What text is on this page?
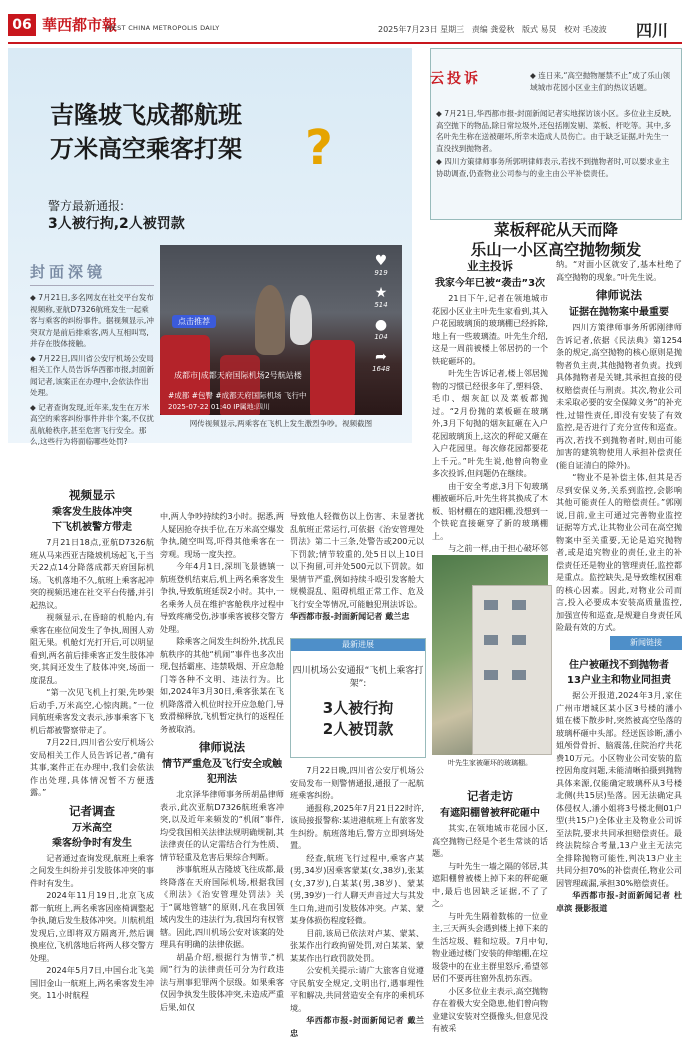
06 華西都市報
WEST CHINA METROPOLIS DAILY	2025年7月23日 星期三 责编 龚爱秋 版式 易炅 校对 毛凌波 四川
吉隆坡飞成都航班
万米高空乘客打架 ?
警方最新通报:
3人被行拘,2人被罚款
封面深镜
◆ 7月21日,多名网友在社交平台发布视频称,亚航D7326航班发生一起乘客与乘客的纠纷事件。据视频显示,冲突双方是前后排乘客,两人互相叫骂,并存在肢体接触。
◆ 7月22日,四川省公安厅机场公安局相关工作人员告诉华西都市报,封面新闻记者,该案正在办理中,会依法作出处理。
◆ 记者查询发现,近年来,发生在万米高空的乘客纠纷事件并非个案,不仅扰乱航舱秩序,甚至危害飞行安全。那么,这些行为将面临哪些处罚?
点击推荐
成都市|成都天府国际机场2号航站楼
#成都 #包臀 #成都天府国际机场 飞行中
2025-07-22 01:40 IP属地:四川
♥
919
★
514
●
104
➦
1648
网传视频显示,两乘客在飞机上发生激烈争吵。视频截图
视频显示
乘客发生肢体冲突
下飞机被警方带走

7月21日18点,亚航D7326航班从马来西亚吉隆坡机场起飞,于当天22点14分降落成都天府国际机场。飞机落地不久,航班上乘客起冲突的视频迅速在社交平台传播,并引起热议。

视频显示,在昏暗的机舱内,有乘客在座位间发生了争执,周围人劝阻无果。机舱灯光打开后,可以明显看到,两名前后排乘客正发生肢体冲突,其间还发生了肢体冲突,场面一度混乱。

“第一次见飞机上打架,先吵架后动手,万米高空,心惊肉跳。”一位同航班乘客发文表示,涉事乘客下飞机后都被警察带走了。

7月22日,四川省公安厅机场公安局相关工作人员告诉记者,“确有其事,案件正在办理中,我们会依法作出处理,具体情况暂不方便透露。”

记者调查
万米高空
乘客纷争时有发生

记者通过查询发现,航班上乘客之间发生纠纷并引发肢体冲突的事件时有发生。

2024年11月19日,北京飞成都一航班上,两名乘客因座椅调整起争执,随后发生肢体冲突。川航机组发现后,立即将双方隔离开,然后调换座位,飞机落地后将两人移交警方处理。

2024年5月7日,中国台北飞美国旧金山一航班上,两名乘客发生冲突。11小时航程

中,两人争吵持续约3小时。据悉,两人疑因抢夺扶手位,在万米高空爆发争执,随空叫骂,吓得其他乘客在一旁观。现场一度失控。

今年4月1日,深圳飞景德镇一航班登机结束后,机上两名乘客发生争执,导致航班延误2小时。其中,一名乘务人员在维护客舱秩序过程中导致疼痛受伤,涉事乘客被移交警方处理。

除乘客之间发生纠纷外,扰乱民航秩序的其他“机闹”事件也多次出现,包括霸座、违禁吸烟、开应急舱门等各种不文明、违法行为。比如,2024年3月30日,乘客张某在飞机降落滑入机位时拉开应急舱门,导致滑梯释放,飞机暂定执行的返程任务被取消。

律师说法
情节严重危及飞行安全或触犯刑法

北京泽华律师事务所胡晶律师表示,此次亚航D7326航班乘客冲突,以及近年来频发的“机闹”事件,均受我国相关法律法规明确规制,其法律责任的认定需结合行为性质、情节轻重及危害后果综合判断。

涉事航班从吉隆坡飞往成都,最终降落在天府国际机场,根据我国《刑法》《治安管理处罚法》关于“属地管辖”的原则,凡在我国领域内发生的违法行为,我国均有权管辖。因此,四川机场公安对该案的处理具有明确的法律依据。

胡晶介绍,根据行为情节,“机闹”行为的法律责任可分为行政违法与刑事犯罪两个层级。如果乘客仅因争执发生肢体冲突,未造成严重后果,如仅

导致他人轻微伤以上伤害、未显著扰乱航班正常运行,可依据《治安管理处罚法》第二十三条,处警告或200元以下罚款;情节较重的,处5日以上10日以下拘留,可并处500元以下罚款。如果情节严重,例如持续斗殴引发客舱大规模混乱、阻碍机组正常工作、危及飞行安全等情况,可能触犯刑法诉讼。

华西都市报-封面新闻记者 戴兰忠

最新进展
四川机场公安通报“飞机上乘客打架”:
3人被行拘
2人被罚款

7月22日晚,四川省公安厅机场公安局发布一则警情通报,通报了一起航班乘客纠纷。

通报称,2025年7月21日22时许,该局接报警称:某进港航班上有旅客发生纠纷。航班落地后,警方立即到场处置。

经查,航班飞行过程中,乘客卢某(男,34岁)因乘客蒙某(女,38岁),张某(女,37岁),白某某(男,38岁)、蒙某(男,39岁)一行人聊天声音过大与其发生口角,进而引发肢体冲突。卢某、蒙某身体损伤程度轻微。

目前,该局已依法对卢某、蒙某、张某作出行政拘留处罚,对白某某、蒙某某作出行政罚款处罚。

公安机关提示:请广大旅客自觉遵守民航安全规定,文明出行,遇事理性平和解决,共同营造安全有序的乘机环境。

华西都市报-封面新闻记者 戴兰忠

云投诉	◆ 连日来,“高空抛物屡禁不止”成了乐山领域城市花园小区业主们的热议话题。
◆ 7月21日,华西都市报-封面新闻记者实地探访该小区。多位业主反映,高空抛下的物品,除日常垃圾外,还包括刚发剔、菜板、杆吃等。其中,多名叶先生称在送被砸坏,所幸未造成人员伤亡。由于缺乏证据,叶先生一直没找到抛物者。
◆ 四川方策律师事务所郭明律师表示,若找不到抛物者时,可以要求业主协助调查,仍查物业公司参与的业主由公平补偿责任。
菜板秤砣从天而降
乐山一小区高空抛物频发
业主投诉
我家今年已被“袭击”3次

21日下午,记者在领地城市花园小区业主叶先生家看到,其入户花园玻璃顶的玻璃棚已经拆除,地上有一些玻璃渣。叶先生介绍,这是一周前被楼上邻居扔的一个铁砣砸坏的。

叶先生告诉记者,楼上邻居抛物的习惯已经很多年了,塑料袋、毛巾、烟灰缸以及菜板都抛过。“2月份抛的菜板砸在玻璃外,3月下旬抛的烟灰缸砸在入户花园玻璃顶上,这次的秤砣又砸在入户花园里。每次修花园都要花上千元。”叶先生说,他曾向物业多次投诉,但问题仍在继续。

由于安全考虑,3月下旬玻璃棚被砸坏后,叶先生将其换成了木板、铝材棚在的遮阳棚,没想到一个铁砣直接砸穿了新的玻璃棚上。

与之前一样,由于担心破坏邻

叶先生家被砸坏的玻璃棚。
记者走访
有遮阳棚曾被秤砣砸中

其实,在领地城市花园小区,高空抛物已经是个老生常谈的话题。

与叶先生一墙之隔的邻居,其遮阳棚曾被楼上掉下来的秤砣砸中,最后也因缺乏证据,不了了之。

与叶先生隔着数栋的一位业主,三天两头会遇到楼上掉下来的生活垃圾、鞋和垃圾。7月中旬,物业通过楼门安装的伸缩棚,在垃圾袋中的在业主群里怒斥,希望邻居们不要再往窗外乱扔东西。

小区多位业主表示,高空抛物存在着极大安全隐患,他们曾向物业建议安装对空摄像头,但意见没有被采

纳。“对面小区就安了,基本杜绝了高空抛物的现象。”叶先生说。

律师说法
证据在抛物案中最重要

四川方策律师事务所郭刚律师告诉记者,依据《民法典》第1254条的规定,高空抛物的核心原则是抛物者负主责,其他抛物者负责。找到具体抛物者是关键,其承担直接的侵权赔偿责任与刑责。其次,物业公司未采取必要的安全保障义务”的补充性,过错性责任,即没有安装了有效监控,是否进行了充分宣传和巡查。再次,若找不到抛物者时,则由可能加害的建筑物使用人承担补偿责任(能自证清白的除外)。

“物业不是补偿主体,但其是否尽到安保义务,关系到监控,会影响其他可能责任人的赔偿责任。”郭刚说,目前,业主可通过完善物业监控证据等方式,让其物业公司在高空抛物案中至关重要,无论是追究抛物者,或是追究物业的责任,业主的补偿责任还是物业的管理责任,监控都是重点。监控缺失,是导致维权困难的核心因素。因此,对物业公司而言,投入必要成本安装高质量监控,加强宣传和巡查,是规避自身责任风险最有效的方式。

新闻链接
住户被砸找不到抛物者
13户业主和物业同担责

据公开报道,2024年3月,家住广州市增城区某小区3号楼的潘小姐在楼下散步时,突然被高空坠落的玻璃杯砸中头部。经送医诊断,潘小姐颅骨骨折、脑震荡,住院治疗共花费10万元。小区物业公司安装的监控因角度问题,未能清晰拍摄到抛物具体来源,仅能确定玻璃杯从3号楼北侧(共15层)坠落。因无法确定具体侵权人,潘小姐将3号楼北侧01户型(共15户)全体业主及物业公司诉至法院,要求共同承担赔偿责任。最终法院综合考量,13户业主无法完全排除抛物可能性,判决13户业主共同分担70%的补偿责任,物业公司因管理疏漏,承担30%赔偿责任。

华西都市报-封面新闻记者 杜卓滨 摄影报道
